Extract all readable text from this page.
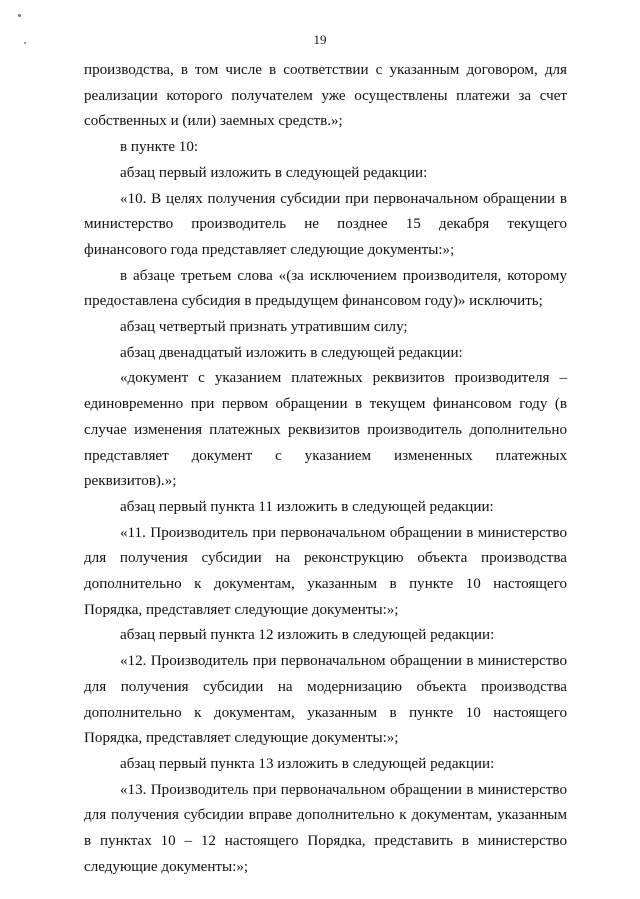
19

производства, в том числе в соответствии с указанным договором, для реализации которого получателем уже осуществлены платежи за счет собственных и (или) заемных средств.»;

в пункте 10:

абзац первый изложить в следующей редакции:

«10. В целях получения субсидии при первоначальном обращении в министерство производитель не позднее 15 декабря текущего финансового года представляет следующие документы:»;

в абзаце третьем слова «(за исключением производителя, которому предоставлена субсидия в предыдущем финансовом году)» исключить;

абзац четвертый признать утратившим силу;

абзац двенадцатый изложить в следующей редакции:

«документ с указанием платежных реквизитов производителя – единовременно при первом обращении в текущем финансовом году (в случае изменения платежных реквизитов производитель дополнительно представляет документ с указанием измененных платежных реквизитов).»;

абзац первый пункта 11 изложить в следующей редакции:

«11. Производитель при первоначальном обращении в министерство для получения субсидии на реконструкцию объекта производства дополнительно к документам, указанным в пункте 10 настоящего Порядка, представляет следующие документы:»;

абзац первый пункта 12 изложить в следующей редакции:

«12. Производитель при первоначальном обращении в министерство для получения субсидии на модернизацию объекта производства дополнительно к документам, указанным в пункте 10 настоящего Порядка, представляет следующие документы:»;

абзац первый пункта 13 изложить в следующей редакции:

«13. Производитель при первоначальном обращении в министерство для получения субсидии вправе дополнительно к документам, указанным в пунктах 10 – 12 настоящего Порядка, представить в министерство следующие документы:»;
